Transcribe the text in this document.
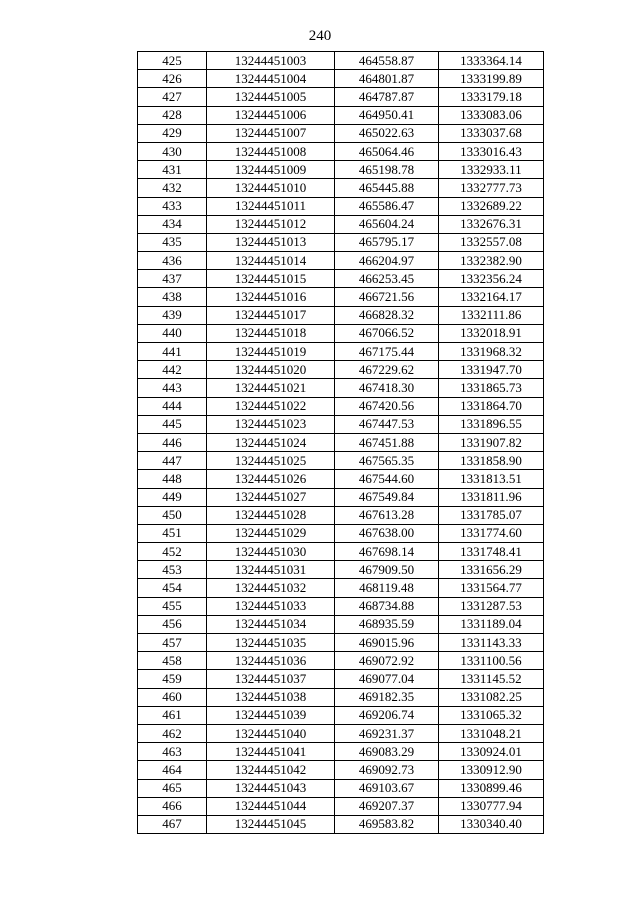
240
425	13244451003	464558.87	1333364.14
426	13244451004	464801.87	1333199.89
427	13244451005	464787.87	1333179.18
428	13244451006	464950.41	1333083.06
429	13244451007	465022.63	1333037.68
430	13244451008	465064.46	1333016.43
431	13244451009	465198.78	1332933.11
432	13244451010	465445.88	1332777.73
433	13244451011	465586.47	1332689.22
434	13244451012	465604.24	1332676.31
435	13244451013	465795.17	1332557.08
436	13244451014	466204.97	1332382.90
437	13244451015	466253.45	1332356.24
438	13244451016	466721.56	1332164.17
439	13244451017	466828.32	1332111.86
440	13244451018	467066.52	1332018.91
441	13244451019	467175.44	1331968.32
442	13244451020	467229.62	1331947.70
443	13244451021	467418.30	1331865.73
444	13244451022	467420.56	1331864.70
445	13244451023	467447.53	1331896.55
446	13244451024	467451.88	1331907.82
447	13244451025	467565.35	1331858.90
448	13244451026	467544.60	1331813.51
449	13244451027	467549.84	1331811.96
450	13244451028	467613.28	1331785.07
451	13244451029	467638.00	1331774.60
452	13244451030	467698.14	1331748.41
453	13244451031	467909.50	1331656.29
454	13244451032	468119.48	1331564.77
455	13244451033	468734.88	1331287.53
456	13244451034	468935.59	1331189.04
457	13244451035	469015.96	1331143.33
458	13244451036	469072.92	1331100.56
459	13244451037	469077.04	1331145.52
460	13244451038	469182.35	1331082.25
461	13244451039	469206.74	1331065.32
462	13244451040	469231.37	1331048.21
463	13244451041	469083.29	1330924.01
464	13244451042	469092.73	1330912.90
465	13244451043	469103.67	1330899.46
466	13244451044	469207.37	1330777.94
467	13244451045	469583.82	1330340.40
